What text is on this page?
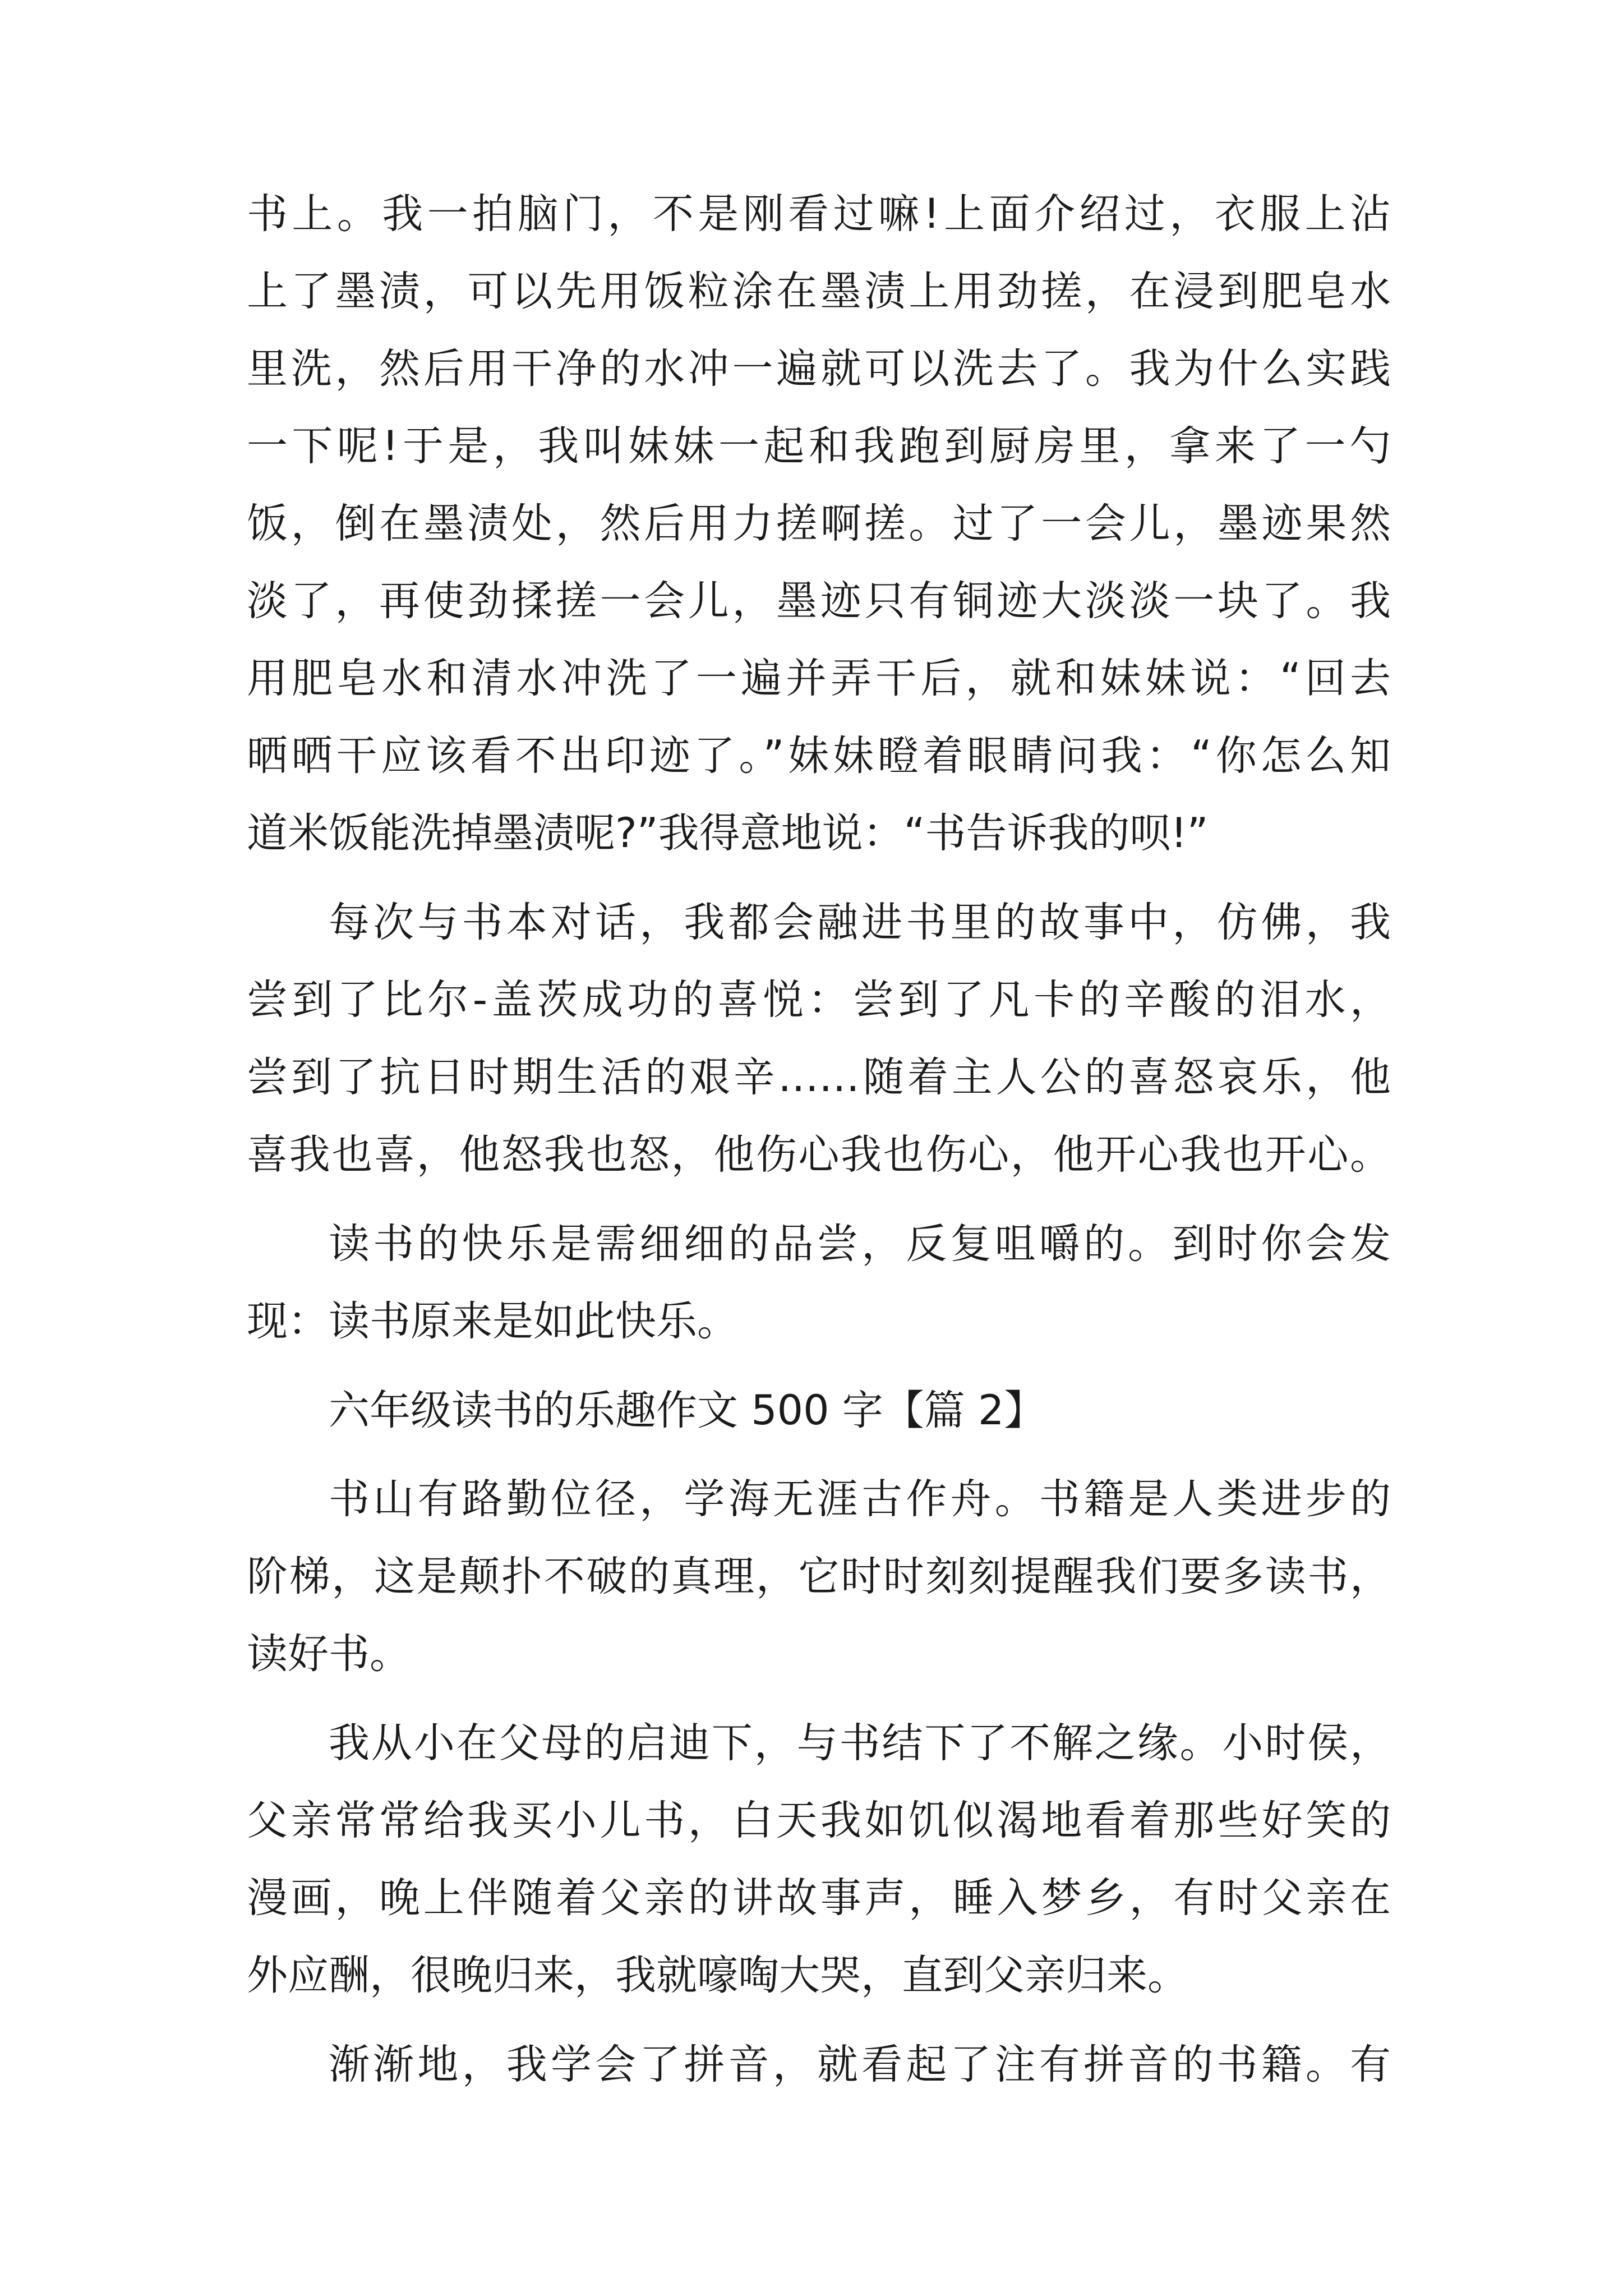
书上。我一拍脑门，不是刚看过嘛!上面介绍过，衣服上沾

上了墨渍，可以先用饭粒涂在墨渍上用劲搓，在浸到肥皂水

里洗，然后用干净的水冲一遍就可以洗去了。我为什么实践

一下呢!于是，我叫妹妹一起和我跑到厨房里，拿来了一勺

饭，倒在墨渍处，然后用力搓啊搓。过了一会儿，墨迹果然

淡了，再使劲揉搓一会儿，墨迹只有铜迹大淡淡一块了。我

用肥皂水和清水冲洗了一遍并弄干后，就和妹妹说：“回去

晒晒干应该看不出印迹了。”妹妹瞪着眼睛问我：“你怎么知

道米饭能洗掉墨渍呢?”我得意地说：“书告诉我的呗!”

每次与书本对话，我都会融进书里的故事中，仿佛，我

尝到了比尔-盖茨成功的喜悦：尝到了凡卡的辛酸的泪水，

尝到了抗日时期生活的艰辛……随着主人公的喜怒哀乐，他

喜我也喜，他怒我也怒，他伤心我也伤心，他开心我也开心。

读书的快乐是需细细的品尝，反复咀嚼的。到时你会发

现：读书原来是如此快乐。

六年级读书的乐趣作文 500 字【篇 2】

书山有路勤位径，学海无涯古作舟。书籍是人类进步的

阶梯，这是颠扑不破的真理，它时时刻刻提醒我们要多读书，

读好书。

我从小在父母的启迪下，与书结下了不解之缘。小时侯，

父亲常常给我买小儿书，白天我如饥似渴地看着那些好笑的

漫画，晚上伴随着父亲的讲故事声，睡入梦乡，有时父亲在

外应酬，很晚归来，我就嚎啕大哭，直到父亲归来。

渐渐地，我学会了拼音，就看起了注有拼音的书籍。有
